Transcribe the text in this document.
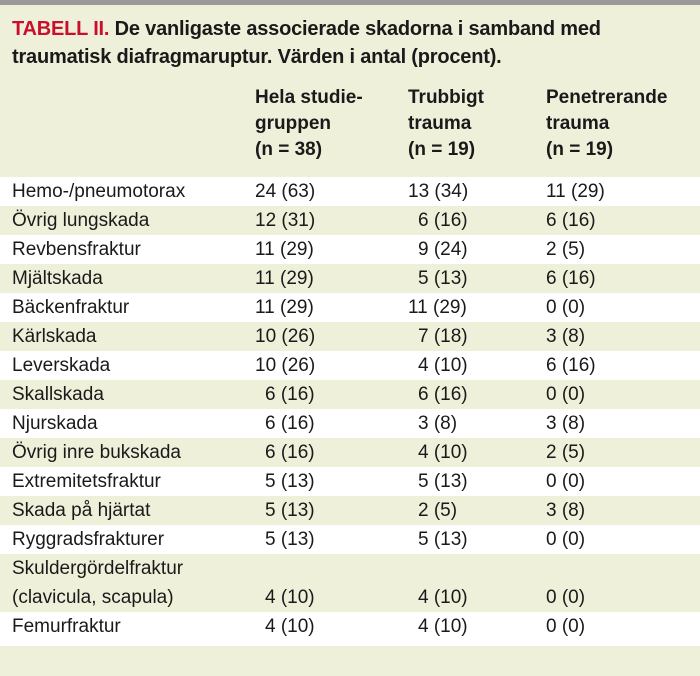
TABELL II. De vanligaste associerade skadorna i samband med traumatisk diafragmaruptur. Värden i antal (procent).
Hela studie-
gruppen
(n = 38)
Trubbigt
trauma
(n = 19)
Penetrerande
trauma
(n = 19)
Hemo-/pneumotorax	24 (63)	13 (34)	11 (29)
Övrig lungskada	12 (31)	6 (16)	6 (16)
Revbensfraktur	11 (29)	9 (24)	2 (5)
Mjältskada	11 (29)	5 (13)	6 (16)
Bäckenfraktur	11 (29)	11 (29)	0 (0)
Kärlskada	10 (26)	7 (18)	3 (8)
Leverskada	10 (26)	4 (10)	6 (16)
Skallskada	6 (16)	6 (16)	0 (0)
Njurskada	6 (16)	3 (8)	3 (8)
Övrig inre bukskada	6 (16)	4 (10)	2 (5)
Extremitetsfraktur	5 (13)	5 (13)	0 (0)
Skada på hjärtat	5 (13)	2 (5)	3 (8)
Ryggradsfrakturer	5 (13)	5 (13)	0 (0)
Skuldergördelfraktur
(clavicula, scapula)	4 (10)	4 (10)	0 (0)
Femurfraktur	4 (10)	4 (10)	0 (0)
